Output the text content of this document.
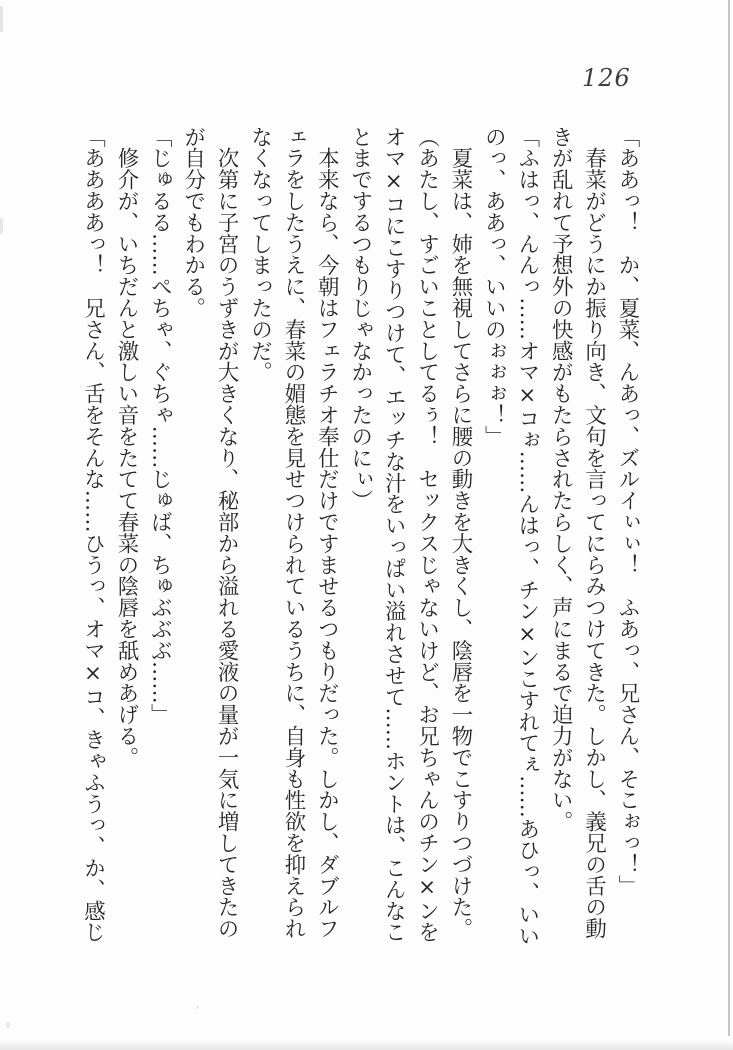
126
「ああっ！　か、夏菜、んあっ、ズルイぃぃ！　ふあっ、兄さん、そこぉっ！」
　春菜がどうにか振り向き、文句を言ってにらみつけてきた。しかし、義兄の舌の動
きが乱れて予想外の快感がもたらされたらしく、声にまるで迫力がない。
「ふはっ、んんっ……オマ×コぉ……んはっ、チン×ンこすれてぇ……あひっ、いい
のっ、ああっ、いいのぉぉぉ！」
　夏菜は、姉を無視してさらに腰の動きを大きくし、陰唇を一物でこすりつづけた。
（あたし、すごいことしてるぅ！　セックスじゃないけど、お兄ちゃんのチン×ンを
オマ×コにこすりつけて、エッチな汁をいっぱい溢れさせて……ホントは、こんなこ
とまでするつもりじゃなかったのにぃ）
　本来なら、今朝はフェラチオ奉仕だけですませるつもりだった。しかし、ダブルフ
ェラをしたうえに、春菜の媚態を見せつけられているうちに、自身も性欲を抑えられ
なくなってしまったのだ。
　次第に子宮のうずきが大きくなり、秘部から溢れる愛液の量が一気に増してきたの
が自分でもわかる。
「じゅるる……ぺちゃ、ぐちゃ……じゅば、ちゅぶぶぶ……」
　修介が、いちだんと激しい音をたてて春菜の陰唇を舐めあげる。
「ああああっ！　兄さん、舌をそんな……ひうっ、オマ×コ、きゃふうっ、か、感じ
